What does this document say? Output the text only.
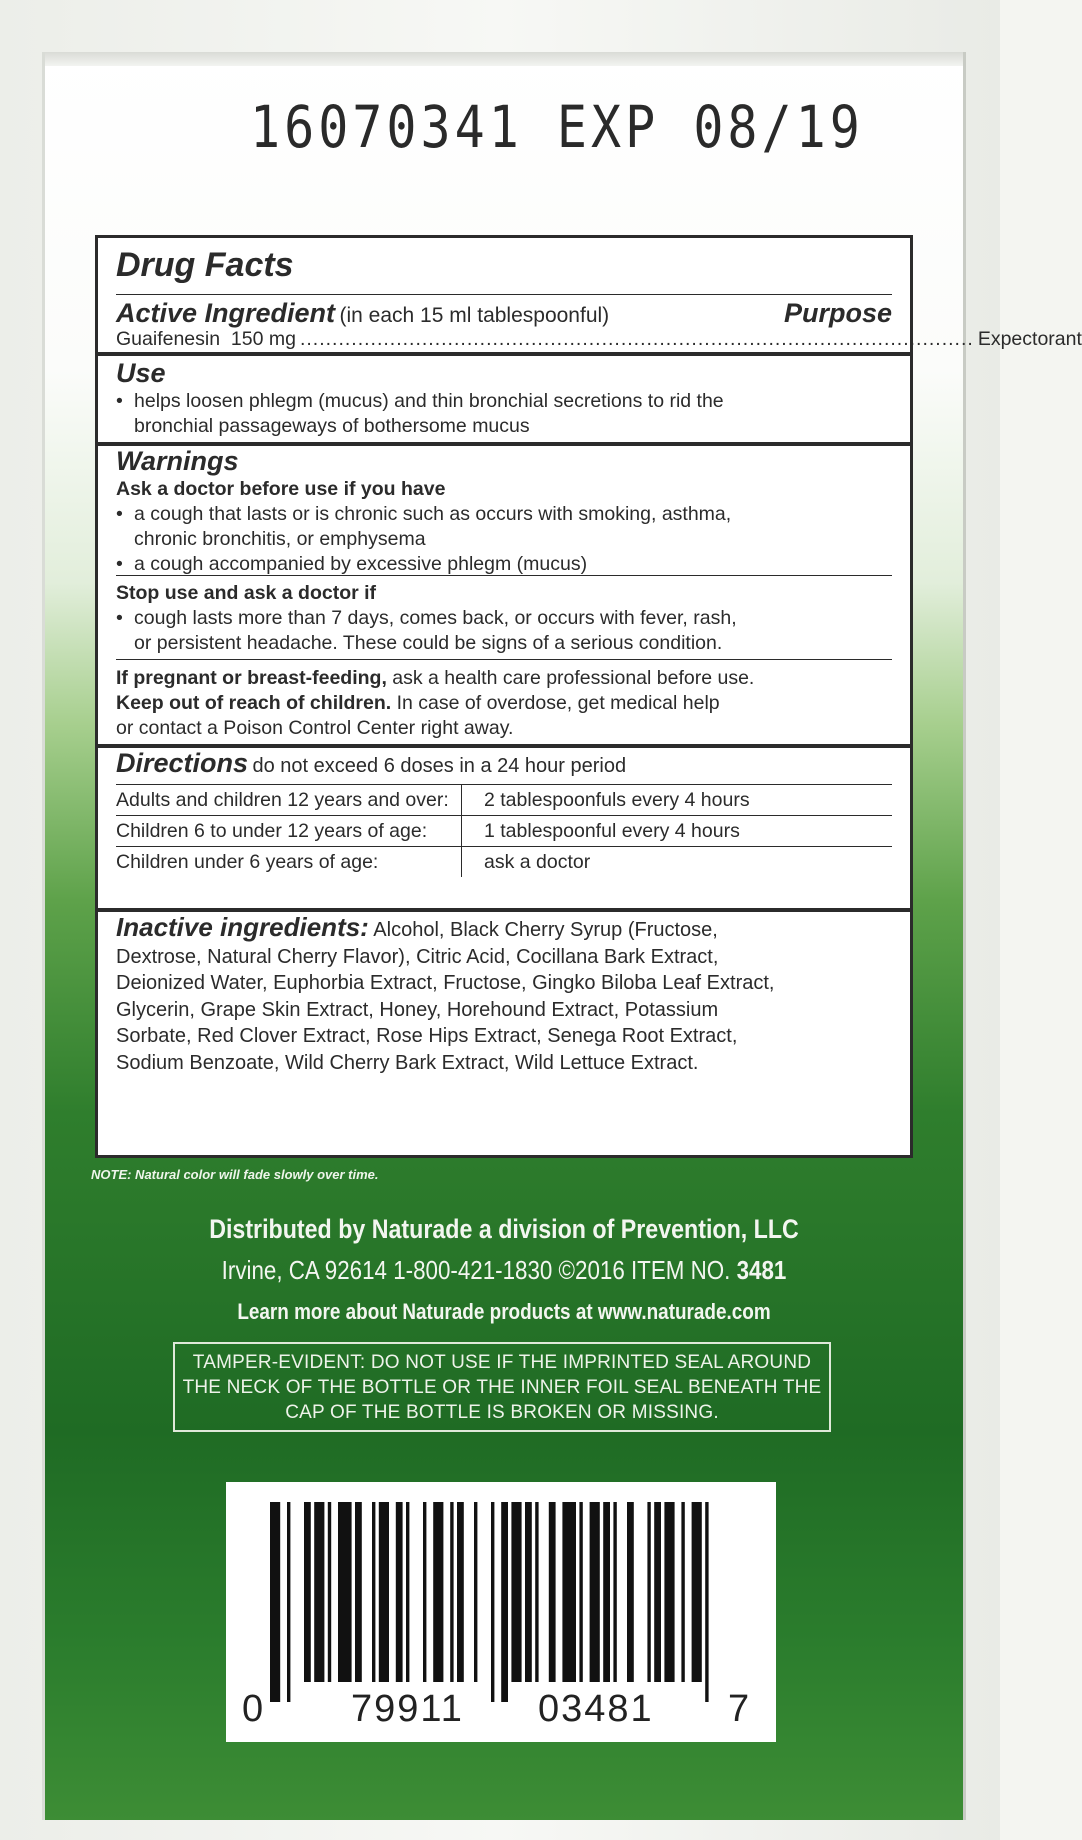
16070341 EXP 08/19
Drug Facts
Active Ingredient (in each 15 ml tablespoonful)	Purpose
Guaifenesin  150 mg ......................................................................................................... Expectorant
Use
• helps loosen phlegm (mucus) and thin bronchial secretions to rid the
bronchial passageways of bothersome mucus
Warnings
Ask a doctor before use if you have
• a cough that lasts or is chronic such as occurs with smoking, asthma,
chronic bronchitis, or emphysema
• a cough accompanied by excessive phlegm (mucus)
Stop use and ask a doctor if
• cough lasts more than 7 days, comes back, or occurs with fever, rash,
or persistent headache. These could be signs of a serious condition.
If pregnant or breast-feeding, ask a health care professional before use.
Keep out of reach of children. In case of overdose, get medical help
or contact a Poison Control Center right away.
Directions do not exceed 6 doses in a 24 hour period
Adults and children 12 years and over:	2 tablespoonfuls every 4 hours
Children 6 to under 12 years of age:	1 tablespoonful every 4 hours
Children under 6 years of age:	ask a doctor
Inactive ingredients: Alcohol, Black Cherry Syrup (Fructose,
Dextrose, Natural Cherry Flavor), Citric Acid, Cocillana Bark Extract,
Deionized Water, Euphorbia Extract, Fructose, Gingko Biloba Leaf Extract,
Glycerin, Grape Skin Extract, Honey, Horehound Extract, Potassium
Sorbate, Red Clover Extract, Rose Hips Extract, Senega Root Extract,
Sodium Benzoate, Wild Cherry Bark Extract, Wild Lettuce Extract.
NOTE: Natural color will fade slowly over time.
Distributed by Naturade a division of Prevention, LLC
Irvine, CA 92614 1-800-421-1830 ©2016 ITEM NO. 3481
Learn more about Naturade products at www.naturade.com
TAMPER-EVIDENT: DO NOT USE IF THE IMPRINTED SEAL AROUND
THE NECK OF THE BOTTLE OR THE INNER FOIL SEAL BENEATH THE
CAP OF THE BOTTLE IS BROKEN OR MISSING.
0 79911 03481 7
